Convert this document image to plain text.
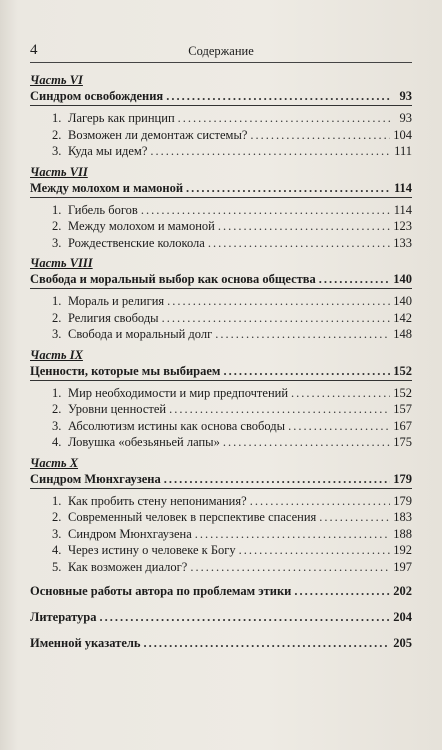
4	Содержание
Часть VI
Синдром освобождения .....	93
1. Лагерь как принцип .....	93
2. Возможен ли демонтаж системы? .....	104
3. Куда мы идем? .....	111
Часть VII
Между молохом и мамоной .....	114
1. Гибель богов .....	114
2. Между молохом и мамоной .....	123
3. Рождественские колокола .....	133
Часть VIII
Свобода и моральный выбор как основа общества .....	140
1. Мораль и религия .....	140
2. Религия свободы .....	142
3. Свобода и моральный долг .....	148
Часть IX
Ценности, которые мы выбираем .....	152
1. Мир необходимости и мир предпочтений .....	152
2. Уровни ценностей .....	157
3. Абсолютизм истины как основа свободы .....	167
4. Ловушка «обезьяньей лапы» .....	175
Часть X
Синдром Мюнхгаузена .....	179
1. Как пробить стену непонимания? .....	179
2. Современный человек в перспективе спасения .....	183
3. Синдром Мюнхгаузена .....	188
4. Через истину о человеке к Богу .....	192
5. Как возможен диалог? .....	197
Основные работы автора по проблемам этики .....	202
Литература .....	204
Именной указатель .....	205
